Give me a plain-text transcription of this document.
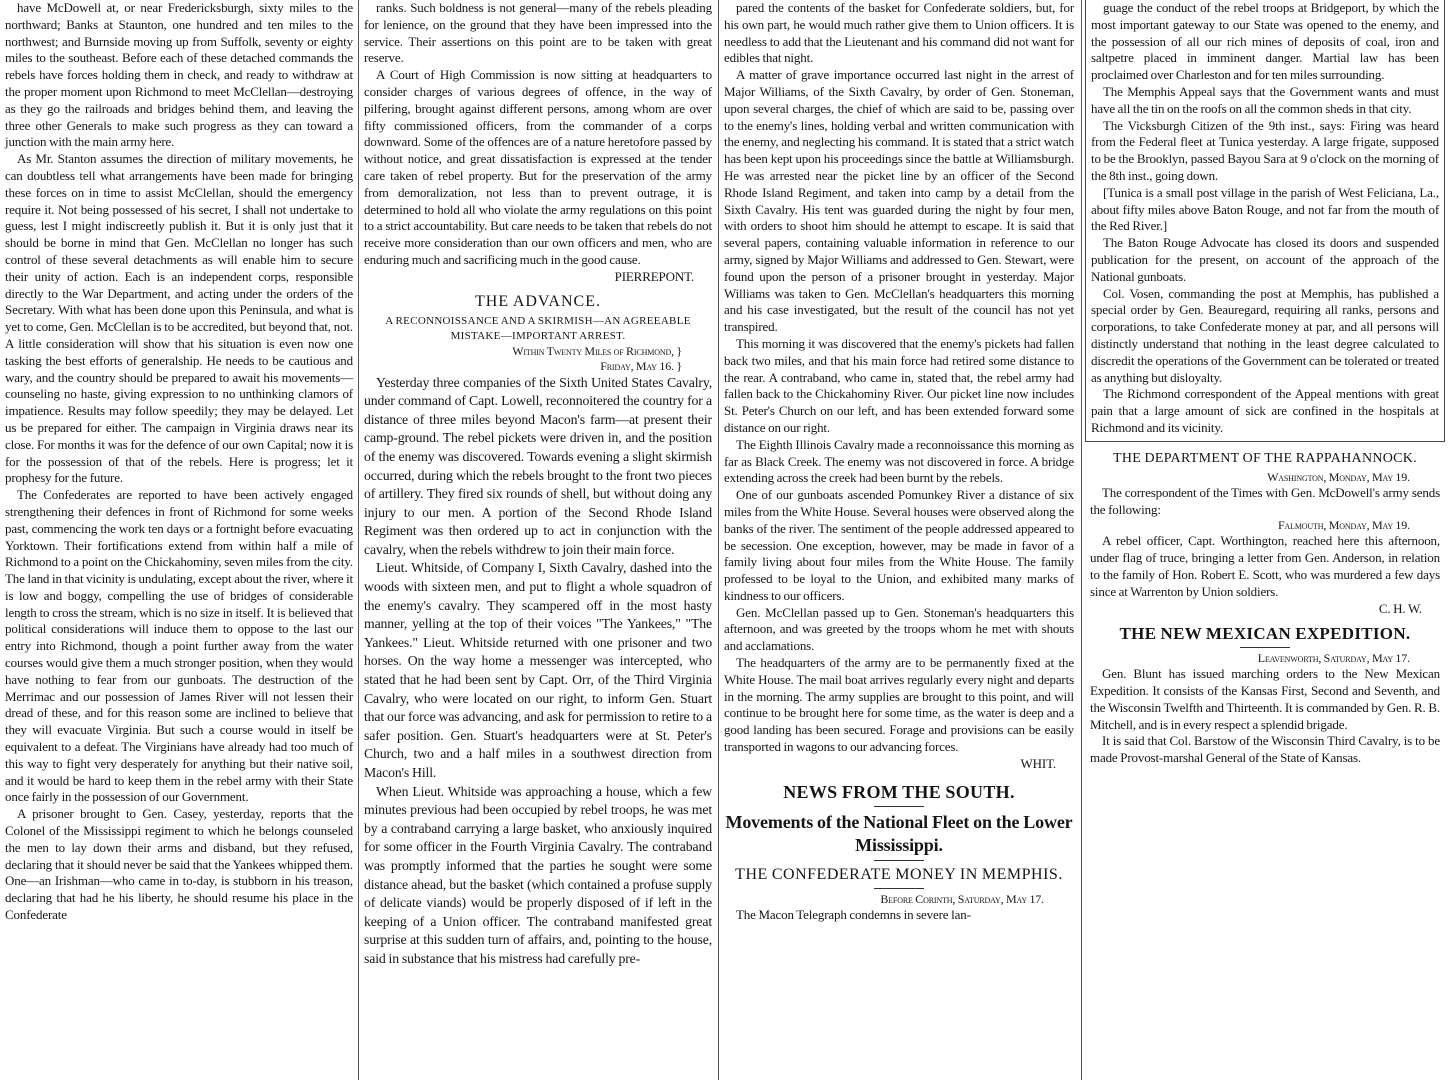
have McDowell at, or near Fredericksburgh, sixty miles to the northward; Banks at Staunton, one hundred and ten miles to the northwest; and Burnside moving up from Suffolk, seventy or eighty miles to the southeast. Before each of these detached commands the rebels have forces holding them in check, and ready to withdraw at the proper moment upon Richmond to meet McClellan—destroying as they go the railroads and bridges behind them, and leaving the three other Generals to make such progress as they can toward a junction with the main army here.

As Mr. Stanton assumes the direction of military movements, he can doubtless tell what arrangements have been made for bringing these forces on in time to assist McClellan, should the emergency require it. Not being possessed of his secret, I shall not undertake to guess, lest I might indiscreetly publish it. But it is only just that it should be borne in mind that Gen. McClellan no longer has such control of these several detachments as will enable him to secure their unity of action. Each is an independent corps, responsible directly to the War Department, and acting under the orders of the Secretary. With what has been done upon this Peninsula, and what is yet to come, Gen. McClellan is to be accredited, but beyond that, not. A little consideration will show that his situation is even now one tasking the best efforts of generalship. He needs to be cautious and wary, and the country should be prepared to await his movements—counseling no haste, giving expression to no unthinking clamors of impatience. Results may follow speedily; they may be delayed. Let us be prepared for either. The campaign in Virginia draws near its close. For months it was for the defence of our own Capital; now it is for the possession of that of the rebels. Here is progress; let it prophesy for the future.

The Confederates are reported to have been actively engaged strengthening their defences in front of Richmond for some weeks past, commencing the work ten days or a fortnight before evacuating Yorktown. Their fortifications extend from within half a mile of Richmond to a point on the Chickahominy, seven miles from the city. The land in that vicinity is undulating, except about the river, where it is low and boggy, compelling the use of bridges of considerable length to cross the stream, which is no size in itself. It is believed that political considerations will induce them to oppose to the last our entry into Richmond, though a point further away from the water courses would give them a much stronger position, when they would have nothing to fear from our gunboats. The destruction of the Merrimac and our possession of James River will not lessen their dread of these, and for this reason some are inclined to believe that they will evacuate Virginia. But such a course would in itself be equivalent to a defeat. The Virginians have already had too much of this way to fight very desperately for anything but their native soil, and it would be hard to keep them in the rebel army with their State once fairly in the possession of our Government.

A prisoner brought to Gen. Casey, yesterday, reports that the Colonel of the Mississippi regiment to which he belongs counseled the men to lay down their arms and disband, but they refused, declaring that it should never be said that the Yankees whipped them. One—an Irishman—who came in to-day, is stubborn in his treason, declaring that had he his liberty, he should resume his place in the Confederate

ranks. Such boldness is not general—many of the rebels pleading for lenience, on the ground that they have been impressed into the service. Their assertions on this point are to be taken with great reserve.

A Court of High Commission is now sitting at headquarters to consider charges of various degrees of offence, in the way of pilfering, brought against different persons, among whom are over fifty commissioned officers, from the commander of a corps downward. Some of the offences are of a nature heretofore passed by without notice, and great dissatisfaction is expressed at the tender care taken of rebel property. But for the preservation of the army from demoralization, not less than to prevent outrage, it is determined to hold all who violate the army regulations on this point to a strict accountability. But care needs to be taken that rebels do not receive more consideration than our own officers and men, who are enduring much and sacrificing much in the good cause.

PIERREPONT.

THE ADVANCE.

A RECONNOISSANCE AND A SKIRMISH—AN AGREEABLE MISTAKE—IMPORTANT ARREST.

Within Twenty Miles of Richmond, }

Friday, May 16. }

Yesterday three companies of the Sixth United States Cavalry, under command of Capt. Lowell, reconnoitered the country for a distance of three miles beyond Macon's farm—at present their camp-ground. The rebel pickets were driven in, and the position of the enemy was discovered. Towards evening a slight skirmish occurred, during which the rebels brought to the front two pieces of artillery. They fired six rounds of shell, but without doing any injury to our men. A portion of the Second Rhode Island Regiment was then ordered up to act in conjunction with the cavalry, when the rebels withdrew to join their main force.

Lieut. Whitside, of Company I, Sixth Cavalry, dashed into the woods with sixteen men, and put to flight a whole squadron of the enemy's cavalry. They scampered off in the most hasty manner, yelling at the top of their voices "The Yankees," "The Yankees." Lieut. Whitside returned with one prisoner and two horses. On the way home a messenger was intercepted, who stated that he had been sent by Capt. Orr, of the Third Virginia Cavalry, who were located on our right, to inform Gen. Stuart that our force was advancing, and ask for permission to retire to a safer position. Gen. Stuart's headquarters were at St. Peter's Church, two and a half miles in a southwest direction from Macon's Hill.

When Lieut. Whitside was approaching a house, which a few minutes previous had been occupied by rebel troops, he was met by a contraband carrying a large basket, who anxiously inquired for some officer in the Fourth Virginia Cavalry. The contraband was promptly informed that the parties he sought were some distance ahead, but the basket (which contained a profuse supply of delicate viands) would be properly disposed of if left in the keeping of a Union officer. The contraband manifested great surprise at this sudden turn of affairs, and, pointing to the house, said in substance that his mistress had carefully pre-

pared the contents of the basket for Confederate soldiers, but, for his own part, he would much rather give them to Union officers. It is needless to add that the Lieutenant and his command did not want for edibles that night.

A matter of grave importance occurred last night in the arrest of Major Williams, of the Sixth Cavalry, by order of Gen. Stoneman, upon several charges, the chief of which are said to be, passing over to the enemy's lines, holding verbal and written communication with the enemy, and neglecting his command. It is stated that a strict watch has been kept upon his proceedings since the battle at Williamsburgh. He was arrested near the picket line by an officer of the Second Rhode Island Regiment, and taken into camp by a detail from the Sixth Cavalry. His tent was guarded during the night by four men, with orders to shoot him should he attempt to escape. It is said that several papers, containing valuable information in reference to our army, signed by Major Williams and addressed to Gen. Stewart, were found upon the person of a prisoner brought in yesterday. Major Williams was taken to Gen. McClellan's headquarters this morning and his case investigated, but the result of the council has not yet transpired.

This morning it was discovered that the enemy's pickets had fallen back two miles, and that his main force had retired some distance to the rear. A contraband, who came in, stated that, the rebel army had fallen back to the Chickahominy River. Our picket line now includes St. Peter's Church on our left, and has been extended forward some distance on our right.

The Eighth Illinois Cavalry made a reconnoissance this morning as far as Black Creek. The enemy was not discovered in force. A bridge extending across the creek had been burnt by the rebels.

One of our gunboats ascended Pomunkey River a distance of six miles from the White House. Several houses were observed along the banks of the river. The sentiment of the people addressed appeared to be secession. One exception, however, may be made in favor of a family living about four miles from the White House. The family professed to be loyal to the Union, and exhibited many marks of kindness to our officers.

Gen. McClellan passed up to Gen. Stoneman's headquarters this afternoon, and was greeted by the troops whom he met with shouts and acclamations.

The headquarters of the army are to be permanently fixed at the White House. The mail boat arrives regularly every night and departs in the morning. The army supplies are brought to this point, and will continue to be brought here for some time, as the water is deep and a good landing has been secured. Forage and provisions can be easily transported in wagons to our advancing forces.

WHIT.

NEWS FROM THE SOUTH.

Movements of the National Fleet on the Lower Mississippi.

THE CONFEDERATE MONEY IN MEMPHIS.

Before Corinth, Saturday, May 17.

The Macon Telegraph condemns in severe lan-

guage the conduct of the rebel troops at Bridgeport, by which the most important gateway to our State was opened to the enemy, and the possession of all our rich mines of deposits of coal, iron and saltpetre placed in imminent danger. Martial law has been proclaimed over Charleston and for ten miles surrounding.

The Memphis Appeal says that the Government wants and must have all the tin on the roofs on all the common sheds in that city.

The Vicksburgh Citizen of the 9th inst., says: Firing was heard from the Federal fleet at Tunica yesterday. A large frigate, supposed to be the Brooklyn, passed Bayou Sara at 9 o'clock on the morning of the 8th inst., going down.

[Tunica is a small post village in the parish of West Feliciana, La., about fifty miles above Baton Rouge, and not far from the mouth of the Red River.]

The Baton Rouge Advocate has closed its doors and suspended publication for the present, on account of the approach of the National gunboats.

Col. Vosen, commanding the post at Memphis, has published a special order by Gen. Beauregard, requiring all ranks, persons and corporations, to take Confederate money at par, and all persons will distinctly understand that nothing in the least degree calculated to discredit the operations of the Government can be tolerated or treated as anything but disloyalty.

The Richmond correspondent of the Appeal mentions with great pain that a large amount of sick are confined in the hospitals at Richmond and its vicinity.

THE DEPARTMENT OF THE RAPPAHANNOCK.

Washington, Monday, May 19.

The correspondent of the Times with Gen. McDowell's army sends the following:

Falmouth, Monday, May 19.

A rebel officer, Capt. Worthington, reached here this afternoon, under flag of truce, bringing a letter from Gen. Anderson, in relation to the family of Hon. Robert E. Scott, who was murdered a few days since at Warrenton by Union soldiers.

C. H. W.

THE NEW MEXICAN EXPEDITION.

Leavenworth, Saturday, May 17.

Gen. Blunt has issued marching orders to the New Mexican Expedition. It consists of the Kansas First, Second and Seventh, and the Wisconsin Twelfth and Thirteenth. It is commanded by Gen. R. B. Mitchell, and is in every respect a splendid brigade.

It is said that Col. Barstow of the Wisconsin Third Cavalry, is to be made Provost-marshal General of the State of Kansas.
